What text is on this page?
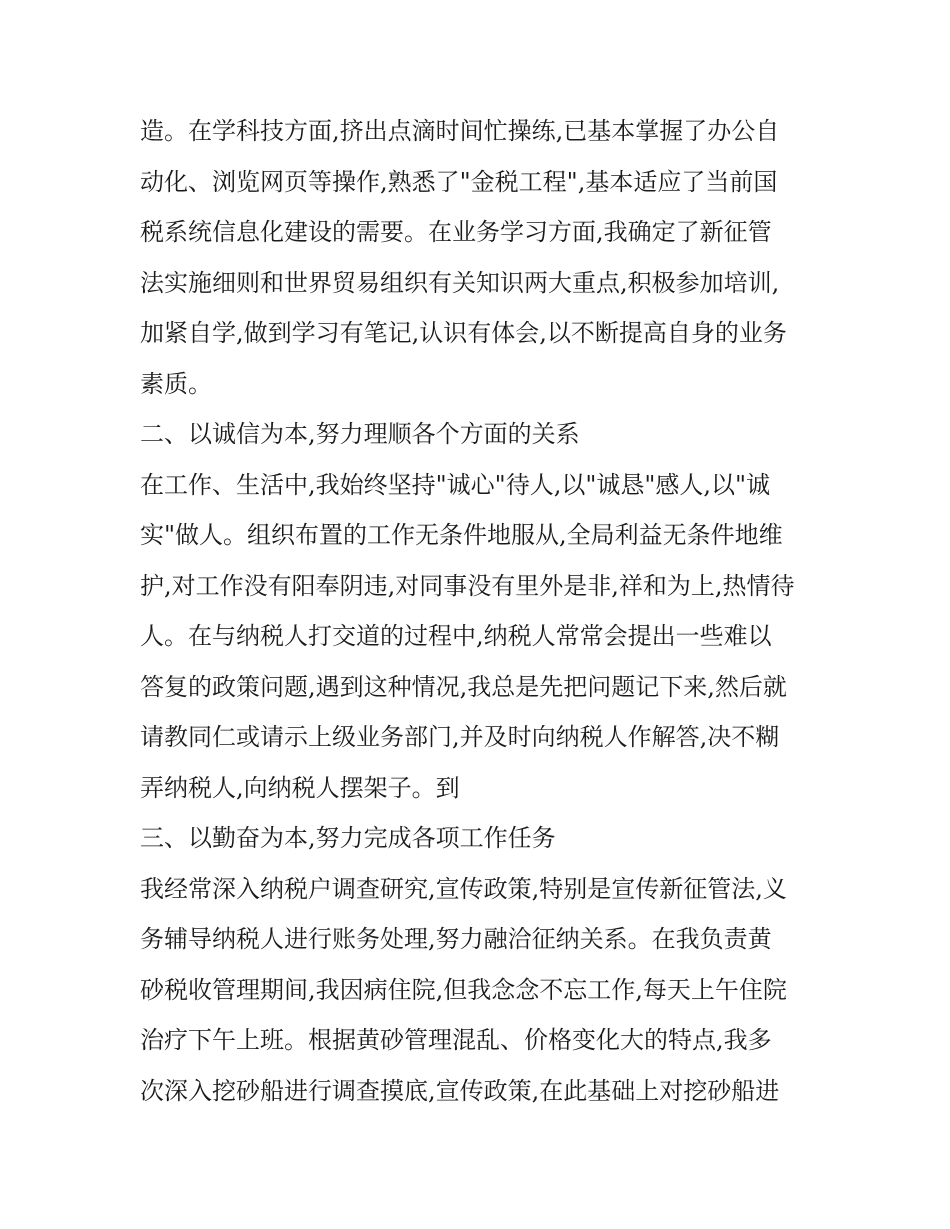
造。在学科技方面,挤出点滴时间忙操练,已基本掌握了办公自
动化、浏览网页等操作,熟悉了"金税工程",基本适应了当前国
税系统信息化建设的需要。在业务学习方面,我确定了新征管
法实施细则和世界贸易组织有关知识两大重点,积极参加培训,
加紧自学,做到学习有笔记,认识有体会,以不断提高自身的业务
素质。
二、以诚信为本,努力理顺各个方面的关系
在工作、生活中,我始终坚持"诚心"待人,以"诚恳"感人,以"诚
实"做人。组织布置的工作无条件地服从,全局利益无条件地维
护,对工作没有阳奉阴违,对同事没有里外是非,祥和为上,热情待
人。在与纳税人打交道的过程中,纳税人常常会提出一些难以
答复的政策问题,遇到这种情况,我总是先把问题记下来,然后就
请教同仁或请示上级业务部门,并及时向纳税人作解答,决不糊
弄纳税人,向纳税人摆架子。到
三、以勤奋为本,努力完成各项工作任务
我经常深入纳税户调查研究,宣传政策,特别是宣传新征管法,义
务辅导纳税人进行账务处理,努力融洽征纳关系。在我负责黄
砂税收管理期间,我因病住院,但我念念不忘工作,每天上午住院
治疗下午上班。根据黄砂管理混乱、价格变化大的特点,我多
次深入挖砂船进行调查摸底,宣传政策,在此基础上对挖砂船进
